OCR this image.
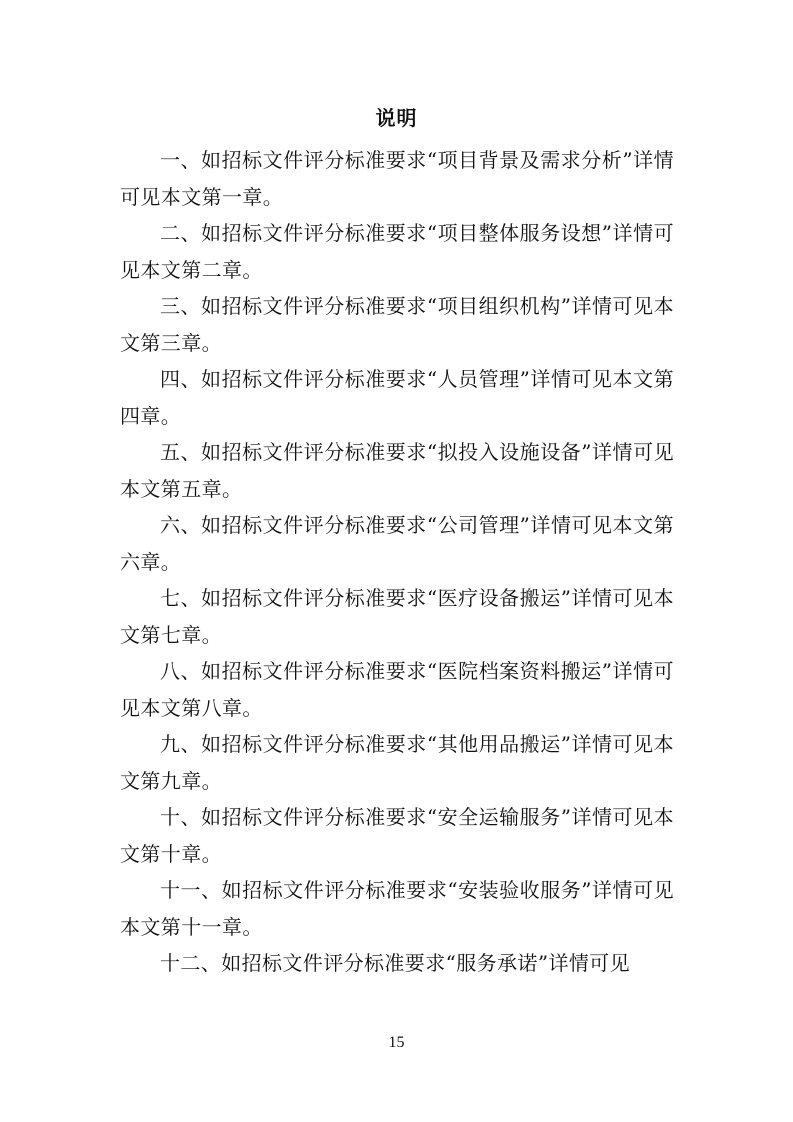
说明

一、如招标文件评分标准要求“项目背景及需求分析”详情可见本文第一章。

二、如招标文件评分标准要求“项目整体服务设想”详情可见本文第二章。

三、如招标文件评分标准要求“项目组织机构”详情可见本文第三章。

四、如招标文件评分标准要求“人员管理”详情可见本文第四章。

五、如招标文件评分标准要求“拟投入设施设备”详情可见本文第五章。

六、如招标文件评分标准要求“公司管理”详情可见本文第六章。

七、如招标文件评分标准要求“医疗设备搬运”详情可见本文第七章。

八、如招标文件评分标准要求“医院档案资料搬运”详情可见本文第八章。

九、如招标文件评分标准要求“其他用品搬运”详情可见本文第九章。

十、如招标文件评分标准要求“安全运输服务”详情可见本文第十章。

十一、如招标文件评分标准要求“安装验收服务”详情可见本文第十一章。

十二、如招标文件评分标准要求“服务承诺”详情可见

15
